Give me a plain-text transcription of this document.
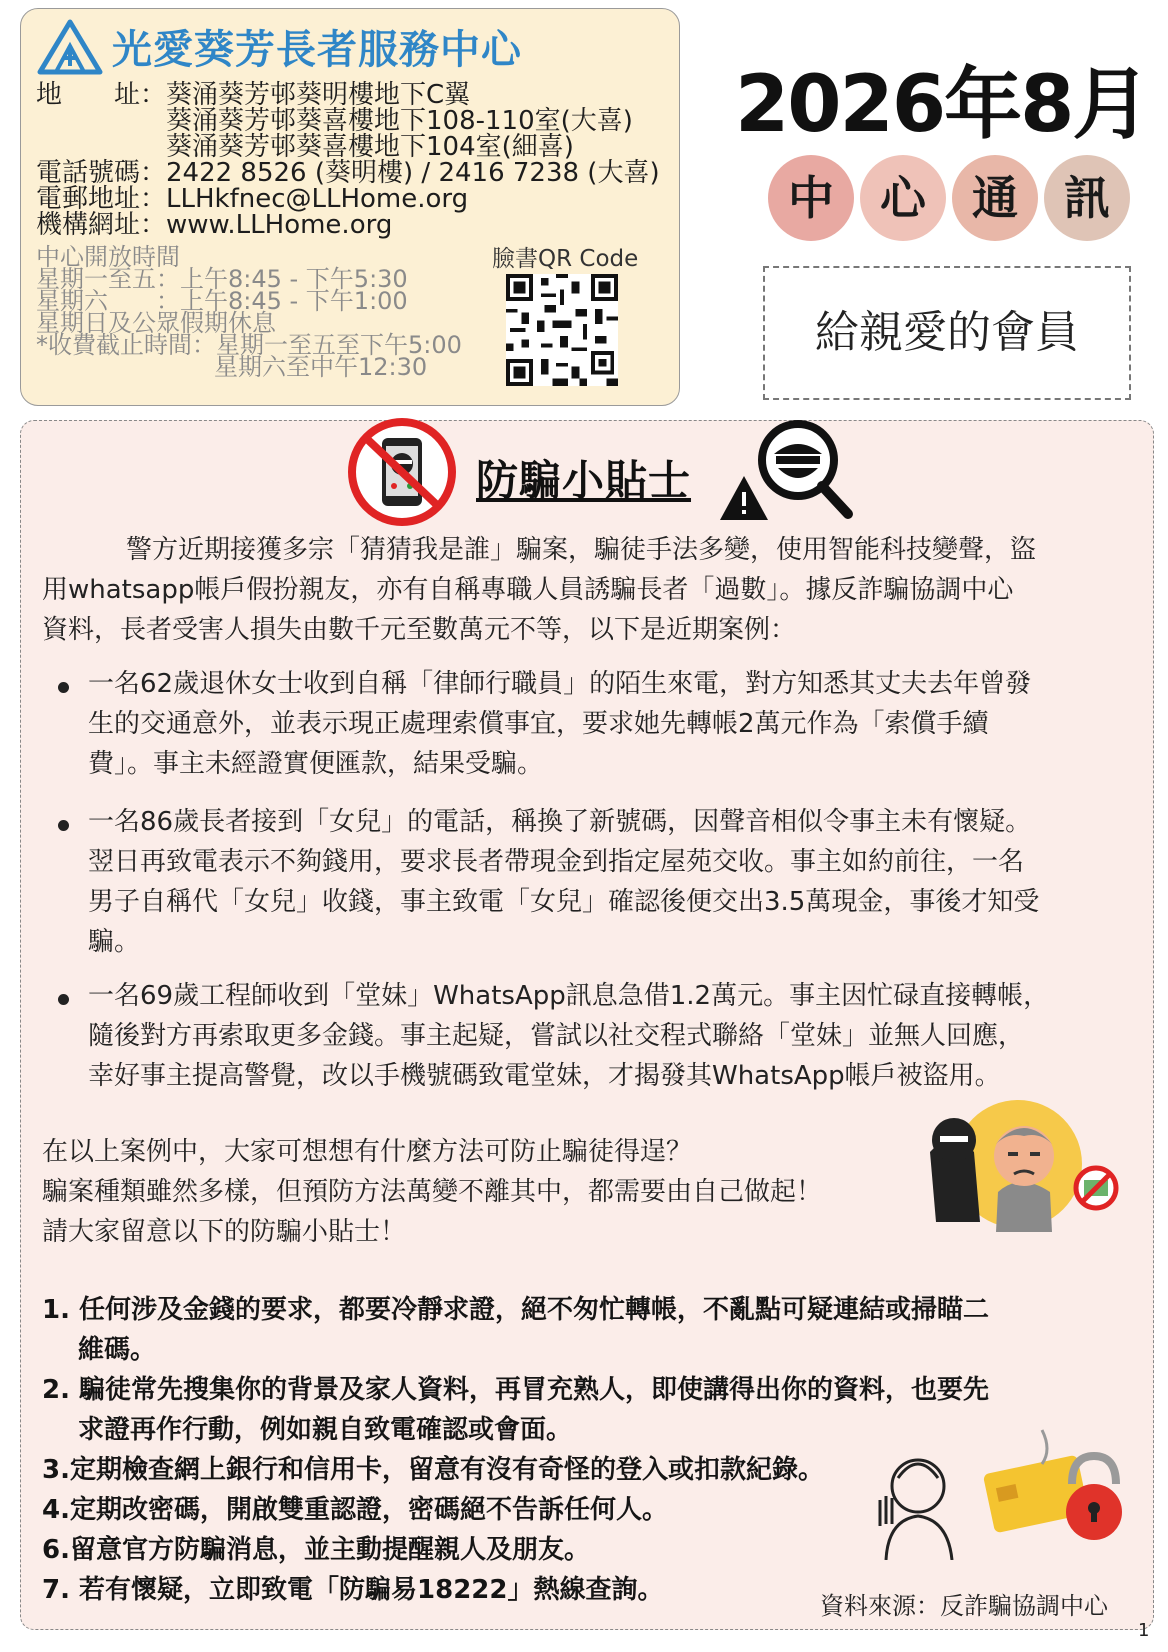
光愛葵芳長者服務中心
地　　址： 葵涌葵芳邨葵明樓地下C翼
葵涌葵芳邨葵喜樓地下108-110室(大喜)
葵涌葵芳邨葵喜樓地下104室(細喜)
電話號碼：2422 8526 (葵明樓) / 2416 7238 (大喜)
電郵地址：LLHkfnec@LLHome.org
機構網址：www.LLHome.org
中心開放時間
星期一至五：上午8:45 - 下午5:30
星期六　　：上午8:45 - 下午1:00
星期日及公眾假期休息
*收費截止時間：星期一至五至下午5:00
星期六至中午12:30
臉書QR Code
2026年8月
中	心	通	訊
給親愛的會員
防騙小貼士
警方近期接獲多宗「猜猜我是誰」騙案，騙徒手法多變，使用智能科技變聲，盜
用whatsapp帳戶假扮親友，亦有自稱專職人員誘騙長者「過數」。據反詐騙協調中心
資料，長者受害人損失由數千元至數萬元不等，以下是近期案例：
一名62歲退休女士收到自稱「律師行職員」的陌生來電，對方知悉其丈夫去年曾發
生的交通意外，並表示現正處理索償事宜，要求她先轉帳2萬元作為「索償手續
費」。事主未經證實便匯款，結果受騙。
一名86歲長者接到「女兒」的電話，稱換了新號碼，因聲音相似令事主未有懷疑。
翌日再致電表示不夠錢用，要求長者帶現金到指定屋苑交收。事主如約前往，一名
男子自稱代「女兒」收錢，事主致電「女兒」確認後便交出3.5萬現金，事後才知受
騙。
一名69歲工程師收到「堂妹」WhatsApp訊息急借1.2萬元。事主因忙碌直接轉帳，
隨後對方再索取更多金錢。事主起疑，嘗試以社交程式聯絡「堂妹」並無人回應，
幸好事主提高警覺，改以手機號碼致電堂妹，才揭發其WhatsApp帳戶被盜用。
在以上案例中，大家可想想有什麼方法可防止騙徒得逞？
騙案種類雖然多樣，但預防方法萬變不離其中，都需要由自己做起！
請大家留意以下的防騙小貼士！
1. 任何涉及金錢的要求，都要冷靜求證，絕不匆忙轉帳，不亂點可疑連結或掃瞄二
維碼。
2. 騙徒常先搜集你的背景及家人資料，再冒充熟人，即使講得出你的資料，也要先
求證再作行動，例如親自致電確認或會面。
3.定期檢查網上銀行和信用卡，留意有沒有奇怪的登入或扣款紀錄。
4.定期改密碼，開啟雙重認證，密碼絕不告訴任何人。
6.留意官方防騙消息，並主動提醒親人及朋友。
7. 若有懷疑，立即致電「防騙易18222」熱線查詢。
資料來源：反詐騙協調中心
1
